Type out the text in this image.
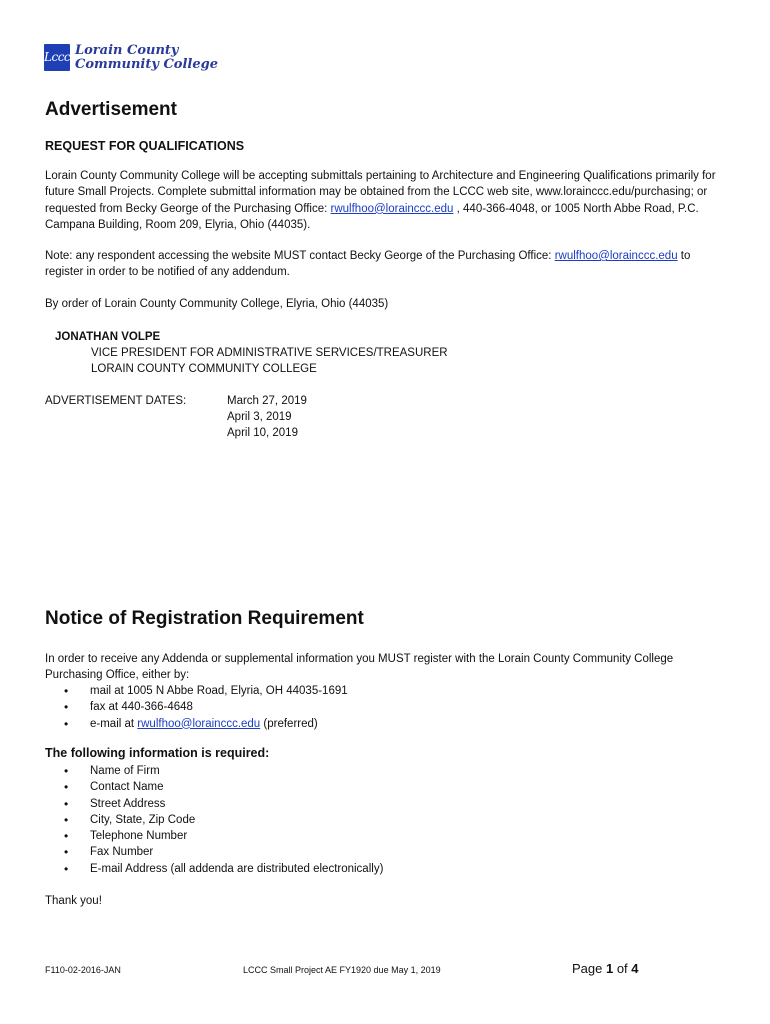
Lccc Lorain County
Community College
Advertisement
REQUEST FOR QUALIFICATIONS
Lorain County Community College will be accepting submittals pertaining to Architecture and Engineering Qualifications primarily for
future Small Projects. Complete submittal information may be obtained from the LCCC web site, www.lorainccc.edu/purchasing; or
requested from Becky George of the Purchasing Office: rwulfhoo@lorainccc.edu , 440-366-4048, or 1005 North Abbe Road, P.C.
Campana Building, Room 209, Elyria, Ohio (44035).
Note: any respondent accessing the website MUST contact Becky George of the Purchasing Office: rwulfhoo@lorainccc.edu to
register in order to be notified of any addendum.
By order of Lorain County Community College, Elyria, Ohio (44035)
JONATHAN VOLPE
VICE PRESIDENT FOR ADMINISTRATIVE SERVICES/TREASURER
LORAIN COUNTY COMMUNITY COLLEGE
ADVERTISEMENT DATES:	March 27, 2019
April 3, 2019
April 10, 2019
Notice of Registration Requirement
In order to receive any Addenda or supplemental information you MUST register with the Lorain County Community College
Purchasing Office, either by:
• mail at 1005 N Abbe Road, Elyria, OH 44035-1691
• fax at 440-366-4648
• e-mail at rwulfhoo@lorainccc.edu (preferred)
The following information is required:
• Name of Firm
• Contact Name
• Street Address
• City, State, Zip Code
• Telephone Number
• Fax Number
• E-mail Address (all addenda are distributed electronically)
Thank you!
F110-02-2016-JAN	LCCC Small Project AE FY1920 due May 1, 2019	Page 1 of 4
